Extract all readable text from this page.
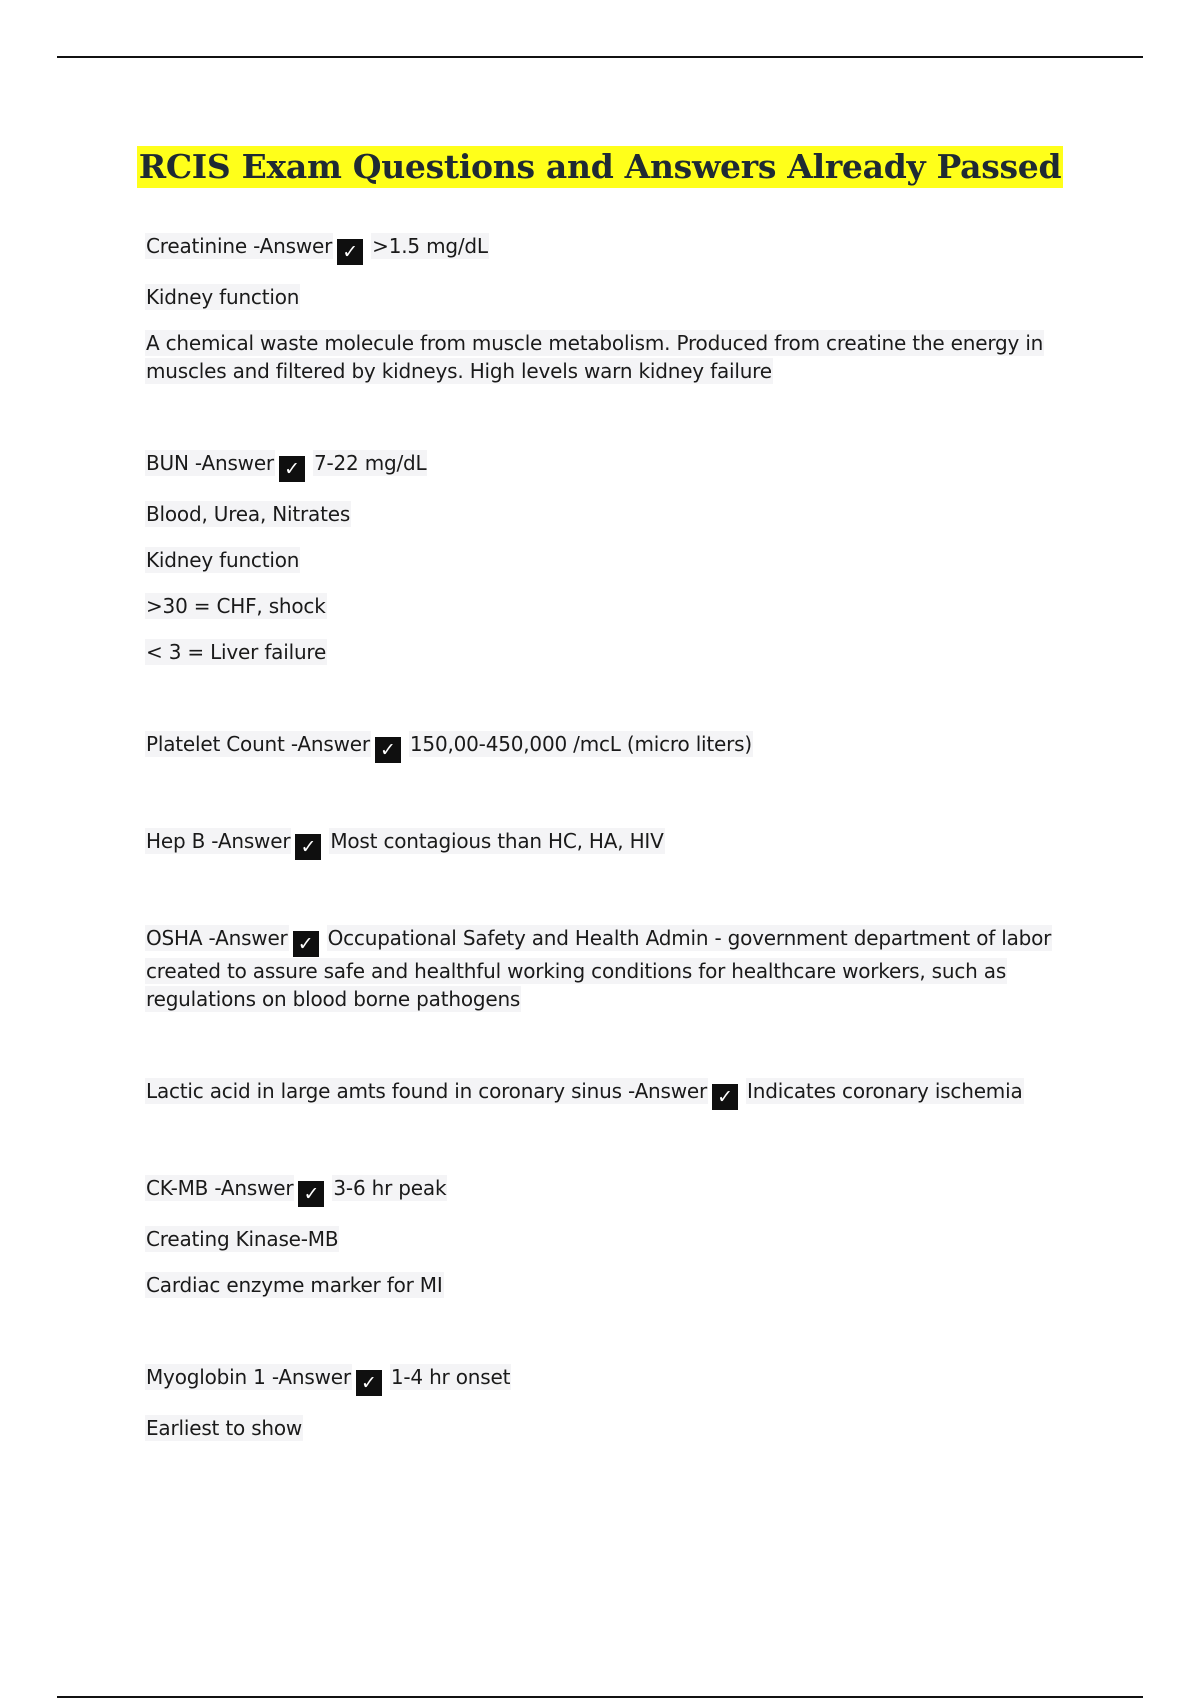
RCIS Exam Questions and Answers Already Passed

Creatinine -Answer ✓ >1.5 mg/dL

Kidney function

A chemical waste molecule from muscle metabolism. Produced from creatine the energy in muscles and filtered by kidneys. High levels warn kidney failure

BUN -Answer ✓ 7-22 mg/dL

Blood, Urea, Nitrates

Kidney function

>30 = CHF, shock

< 3 = Liver failure

Platelet Count -Answer ✓ 150,00-450,000 /mcL (micro liters)

Hep B -Answer ✓ Most contagious than HC, HA, HIV

OSHA -Answer ✓ Occupational Safety and Health Admin - government department of labor created to assure safe and healthful working conditions for healthcare workers, such as regulations on blood borne pathogens

Lactic acid in large amts found in coronary sinus -Answer ✓ Indicates coronary ischemia

CK-MB -Answer ✓ 3-6 hr peak

Creating Kinase-MB

Cardiac enzyme marker for MI

Myoglobin 1 -Answer ✓ 1-4 hr onset

Earliest to show
